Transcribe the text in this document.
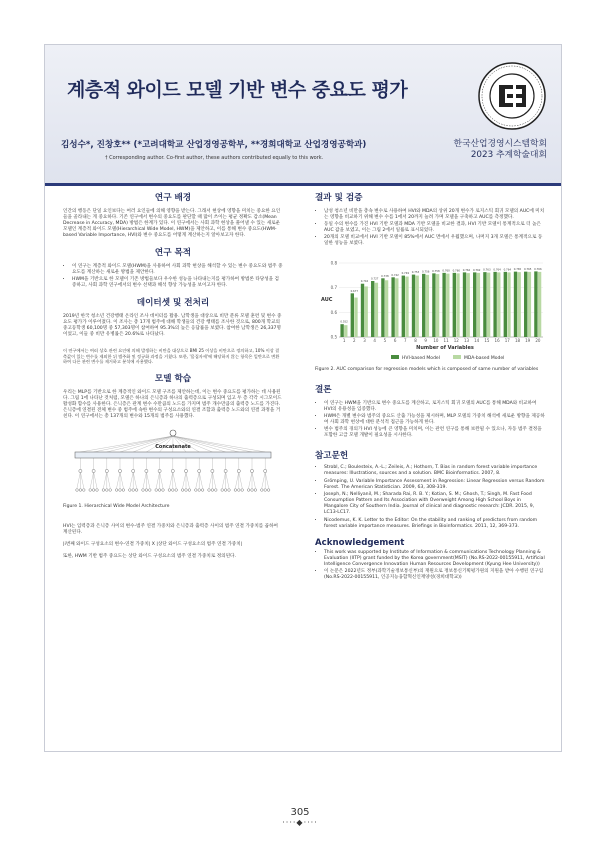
계층적 와이드 모델 기반 변수 중요도 평가
김성수*, 진창호** (*고려대학교 산업경영공학부, **경희대학교 산업경영공학과)
† Corresponding author. Co-first author, these authors contributed equally to this work.
한국산업경영시스템학회
2023 추계학술대회
연구 배경

인간의 행동은 단일 요인보다는 여러 요인들에 의해 영향을 받는다. 그래서 현상에 영향을 미치는 중요한 요인들을 골라내는 게 중요하다. 기존 연구에서 변수의 중요도를 판단할 때 많이 쓰이는 평균 정확도 감소(Mean Decrease in Accuracy, MDA) 방법은 한계가 있다. 이 연구에서는 사회 과학 현상을 풀어낼 수 있는 새로운 모델인 계층적 와이드 모델(Hierarchical Wide Model, HWM)을 제안하고, 이를 통해 변수 중요도(HWM-based Variable Importance, HVI)와 변수 중요도를 어떻게 계산하는지 알아보고자 한다.

연구 목적
• 이 연구는 계층적 와이드 모델(HWM)을 사용하여 사회 과학 현상을 해석할 수 있는 변수 중요도와 범주 중요도를 계산하는 새로운 방법을 제안한다.
• HWM을 기반으로 한 모델이 기존 방법들보다 우수한 성능을 나타내는지를 평가하여 방법론 타당성을 검증하고, 사회 과학 연구에서의 변수 선택과 해석 향상 가능성을 보이고자 한다.
데이터셋 및 전처리

2019년 한국 청소년 건강행태 온라인 조사 데이터를 활용. 남학생을 대상으로 비만 분류 모델 훈련 및 변수 중요도 평가가 이루어졌다. 이 조사는 총 17개 범주에 대해 학생들의 건강 행태를 조사한 것으로, 800개 학교의 중고등학생 60,100명 중 57,303명이 참여하여 95.3%의 높은 응답률을 보였다. 참여한 남학생은 26,337명이었고, 이들 중 비만 유병률은 20.6%로 나타났다.

이 연구에서는 여러 상호 관련 요인에 의해 발생하는 비만을 대상으로 BMI 25 이상을 비만으로 정의하고, 10% 이상 결측값이 있는 변수를 제외한 뒤 범주화 및 정규화 과정을 거쳤다. 또한, '몸집자세'에 해당하지 않는 항목은 일반으로 변환하여 다른 관련 변수를 제거하고 분석에 사용했다.

모델 학습

우리는 MLP를 기반으로 한 계층적인 와이드 모델 구조를 제안하는데, 이는 변수 중요도를 평가하는 데 사용된다. 그림 1에 나타난 것처럼, 모델은 하나의 은닉층과 하나의 출력층으로 구성되며 입고 두 층 각각 시그모이드 활성화 함수를 사용한다. 은닉층은 관계 변수 수만큼의 노드를 가지며 범주 개수만큼의 출력층 노드를 가진다. 은닉층에 연결된 전체 변수 중 범주에 속한 변수의 구성요소와의 연결 조합과 출력층 노드와의 연결 과정을 거친다. 이 연구에서는 총 137개의 변수와 15개의 범주를 사용했다.

Concatenate
Figure 1. Hierarchical Wide Model Architecture

HVI는 입력층과 은닉층 사이의 변수-범주 연결 가중치와 은닉층과 출력층 사이의 범주 연결 가중치를 곱하여 계산된다.

|i번째 와이드 구성요소의 변수-연결 가중치| X |상단 와이드 구성요소의 범주 연결 가중치|

또한, HWM 기반 범주 중요도는 상단 와이드 구성요소의 범주 연결 가중치로 정의된다.

결과 및 검증
• 남성 청소년 비만을 총속 변수로 사용하여 HVI와 MDA의 상위 20개 변수가 로지스틱 회귀 모델의 AUC에 미치는 영향을 비교하기 위해 변수 수를 1에서 20까지 늘려 가며 모델을 구축하고 AUC를 측정했다.
• 동일 수의 변수를 가진 HVI 기반 모델과 MDA 기반 모델을 비교한 결과, HVI 기반 모델이 통계적으로 더 높은 AUC 값을 보였고, 이는 그림 2에서 일률로 표시되었다.
• 20개의 모델 비교에서 HVI 기반 모델이 85%에서 AUC 면에서 우월했으며, 나머지 3개 모델은 통계적으로 동일한 성능을 보였다.
0.8
0.7
0.6
0.5
0.552
1
0.677
2
0.716
3
0.727
4
0.738
5
0.742
6
0.749
7
0.753
8
0.756
9
0.758
10
0.760
11
0.760
12
0.762
13
0.762
14
0.763
15
0.764
16
0.764
17
0.765
18
0.765
19
0.766
20
AUC
Number of Variables
HVI-based Model	MDA-based Model
Figure 2. AUC comparison for regression models which is composed of same number of variables
결론
• 이 연구는 HWM을 기반으로 변수 중요도를 계산하고, 로지스틱 회귀 모델의 AUC를 통해 MDA와 비교하여 HVI의 유용성을 입증했다.
• HWM은 개별 변수와 범주의 중요도 산출 가능성을 제시하며, MLP 모델의 가중치 해석에 새로운 방향을 제공하여 사회 과학 현상에 대한 분석적 접근을 가능하게 한다.
• 변수 범주의 경의가 HVI 성능에 큰 영향을 미치며, 이는 관련 연구를 통해 보완될 수 있으나, 자동 범주 결정을 포함한 고급 모델 개발이 필요성을 시사한다.
참고문헌
• Strobl, C.; Boulesteix, A.-L.; Zeileis, A.; Hothorn, T. Bias in random forest variable importance measures: Illustrations, sources and a solution. BMC Bioinformatics. 2007, 8.
• Grömping, U. Variable Importance Assessment in Regression: Linear Regression versus Random Forest. The American Statistician. 2009, 63, 308-319.
• Joseph, N.; Nelliyanil, M.; Sharada Rai, R. B. Y.; Kotian, S. M.; Ghosh, T.; Singh, M. Fast Food Consumption Pattern and Its Association with Overweight Among High School Boys in Mangalore City of Southern India. Journal of clinical and diagnostic research: JCDR. 2015, 9, LC13-LC17.
• Nicodemus, K. K. Letter to the Editor: On the stability and ranking of predictors from random forest variable importance measures. Briefings in Bioinformatics. 2011, 12, 369-373.
Acknowledgement
• This work was supported by Institute of Information & communications Technology Planning & Evaluation (IITP) grant funded by the Korea government(MSIT) (No.RS-2022-00155911, Artificial Intelligence Convergence Innovation Human Resources Development (Kyung Hee University))
• 이 논문은 2022년도 정부(과학기술정보통신부)의 재원으로 정보통신기획평가원의 지원을 받아 수행된 연구임 (No.RS-2022-00155911, 인공지능융합혁신인재양성(경희대학교))
305
····◆····
